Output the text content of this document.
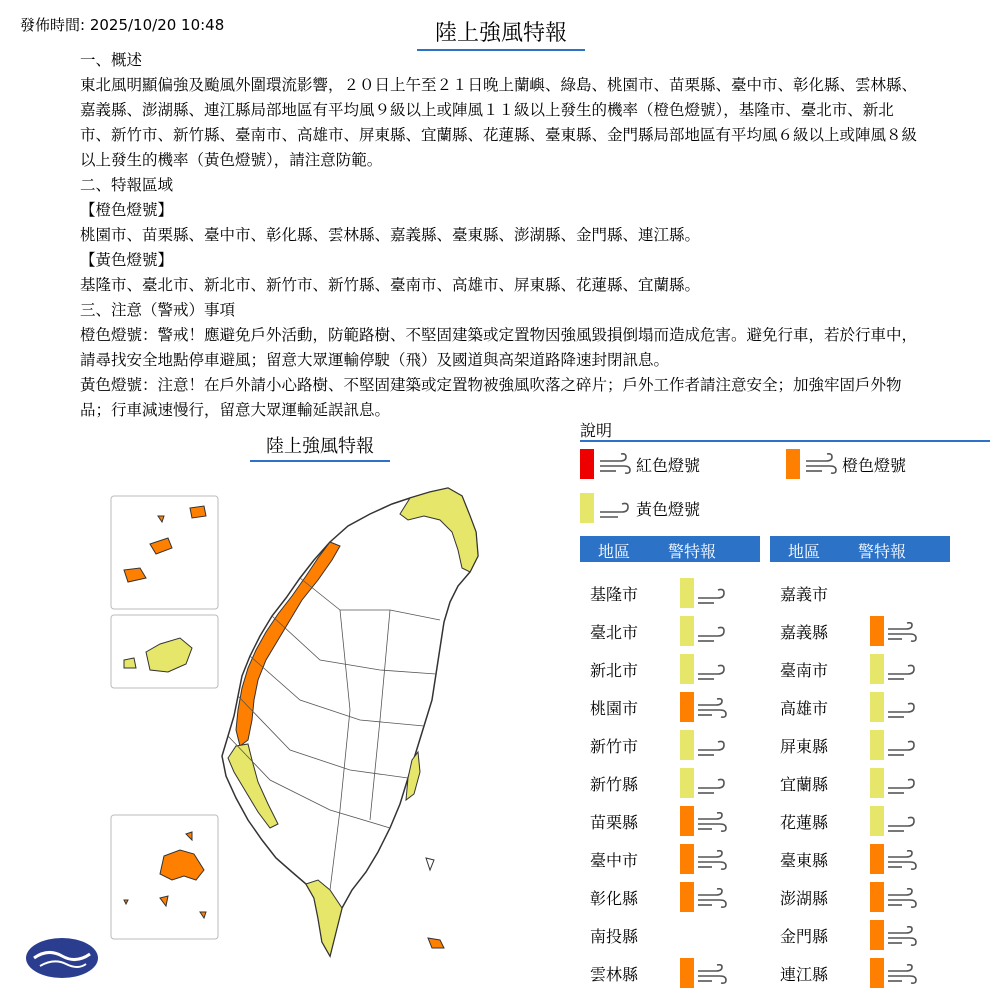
發佈時間: 2025/10/20 10:48	陸上強風特報

一、概述

東北風明顯偏強及颱風外圍環流影響，２０日上午至２１日晚上蘭嶼、綠島、桃園市、苗栗縣、臺中市、彰化縣、雲林縣、嘉義縣、澎湖縣、連江縣局部地區有平均風９級以上或陣風１１級以上發生的機率（橙色燈號），基隆市、臺北市、新北市、新竹市、新竹縣、臺南市、高雄市、屏東縣、宜蘭縣、花蓮縣、臺東縣、金門縣局部地區有平均風６級以上或陣風８級以上發生的機率（黃色燈號），請注意防範。

二、特報區域

【橙色燈號】

桃園市、苗栗縣、臺中市、彰化縣、雲林縣、嘉義縣、臺東縣、澎湖縣、金門縣、連江縣。

【黃色燈號】

基隆市、臺北市、新北市、新竹市、新竹縣、臺南市、高雄市、屏東縣、花蓮縣、宜蘭縣。

三、注意（警戒）事項

橙色燈號：警戒！應避免戶外活動，防範路樹、不堅固建築或定置物因強風毀損倒塌而造成危害。避免行車，若於行車中，請尋找安全地點停車避風；留意大眾運輸停駛（飛）及國道與高架道路降速封閉訊息。

黃色燈號：注意！在戶外請小心路樹、不堅固建築或定置物被強風吹落之碎片；戶外工作者請注意安全；加強牢固戶外物品；行車減速慢行，留意大眾運輸延誤訊息。

陸上強風特報
說明
紅色燈號	橙色燈號
黃色燈號
地區 警特報	地區 警特報
基隆市
臺北市
新北市
桃園市
新竹市
新竹縣
苗栗縣
臺中市
彰化縣
南投縣
雲林縣
嘉義市
嘉義縣
臺南市
高雄市
屏東縣
宜蘭縣
花蓮縣
臺東縣
澎湖縣
金門縣
連江縣
